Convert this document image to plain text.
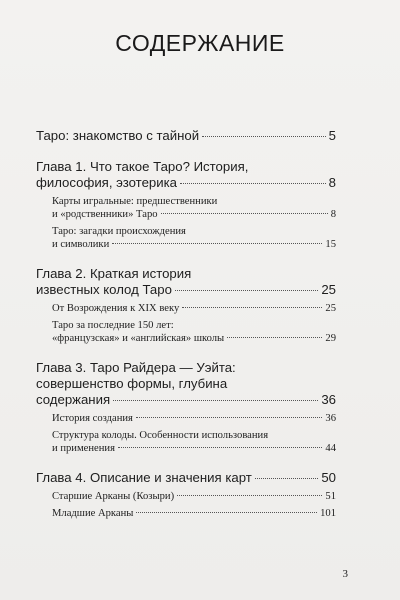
СОДЕРЖАНИЕ
Таро: знакомство с тайной	5
Глава 1. Что такое Таро? История,
философия, эзотерика	8
Карты игральные: предшественники
и «родственники» Таро	8
Таро: загадки происхождения
и символики	15
Глава 2. Краткая история
известных колод Таро	25
От Возрождения к XIX веку	25
Таро за последние 150 лет:
«французская» и «английская» школы	29
Глава 3. Таро Райдера — Уэйта:
совершенство формы, глубина
содержания	36
История создания	36
Структура колоды. Особенности использования
и применения	44
Глава 4. Описание и значения карт	50
Старшие Арканы (Козыри)	51
Младшие Арканы	101
3
